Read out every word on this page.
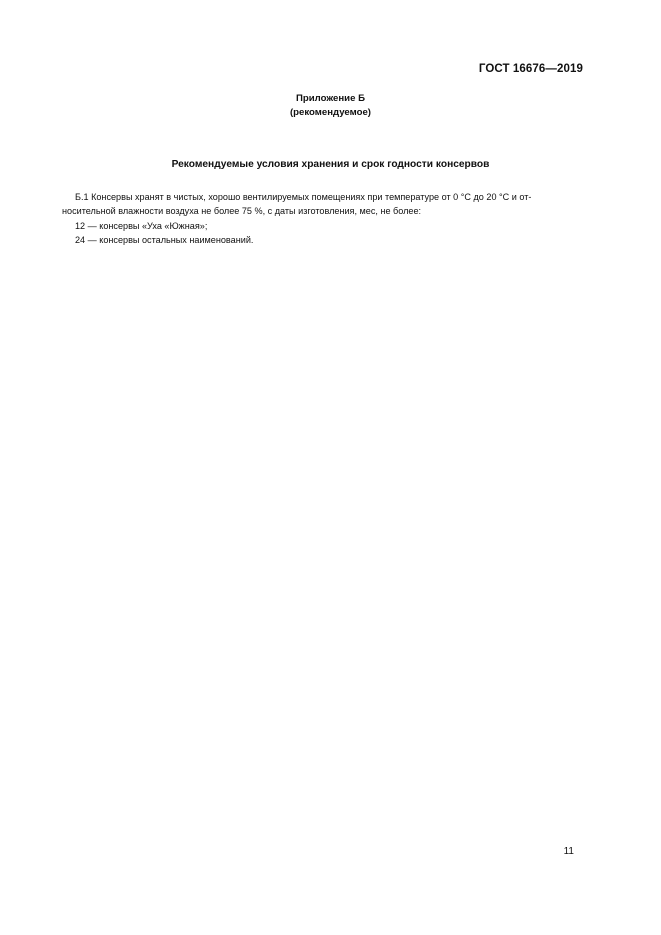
ГОСТ 16676—2019
Приложение Б
(рекомендуемое)
Рекомендуемые условия хранения и срок годности консервов
Б.1 Консервы хранят в чистых, хорошо вентилируемых помещениях при температуре от 0 °С до 20 °С и от-
носительной влажности воздуха не более 75 %, с даты изготовления, мес, не более:
12 — консервы «Уха «Южная»;
24 — консервы остальных наименований.
11
